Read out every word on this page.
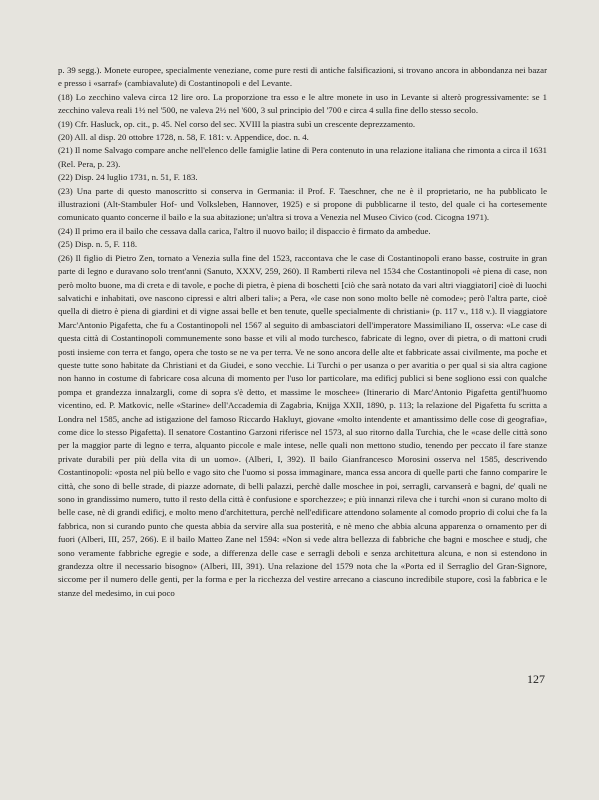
p. 39 segg.). Monete europee, specialmente veneziane, come pure resti di antiche falsificazioni, si trovano ancora in abbondanza nei bazar e presso i «sarraf» (cambiavalute) di Costantinopoli e del Levante.

(18) Lo zecchino valeva circa 12 lire oro. La proporzione tra esso e le altre monete in uso in Levante si alterò progressivamente: se 1 zecchino valeva reali 1½ nel '500, ne valeva 2½ nel '600, 3 sul principio del '700 e circa 4 sulla fine dello stesso secolo.

(19) Cfr. Hasluck, op. cit., p. 45. Nel corso del sec. XVIII la piastra subì un crescente deprezzamento.

(20) All. al disp. 20 ottobre 1728, n. 58, F. 181: v. Appendice, doc. n. 4.

(21) Il nome Salvago compare anche nell'elenco delle famiglie latine di Pera contenuto in una relazione italiana che rimonta a circa il 1631 (Rel. Pera, p. 23).

(22) Disp. 24 luglio 1731, n. 51, F. 183.

(23) Una parte di questo manoscritto si conserva in Germania: il Prof. F. Taeschner, che ne è il proprietario, ne ha pubblicato le illustrazioni (Alt-Stambuler Hof- und Volksleben, Hannover, 1925) e si propone di pubblicarne il testo, del quale ci ha cortesemente comunicato quanto concerne il bailo e la sua abitazione; un'altra si trova a Venezia nel Museo Civico (cod. Cicogna 1971).

(24) Il primo era il bailo che cessava dalla carica, l'altro il nuovo bailo; il dispaccio è firmato da ambedue.

(25) Disp. n. 5, F. 118.

(26) Il figlio di Pietro Zen, tornato a Venezia sulla fine del 1523, raccontava che le case di Costantinopoli erano basse, costruite in gran parte di legno e duravano solo trent'anni (Sanuto, XXXV, 259, 260). Il Ramberti rileva nel 1534 che Costantinopoli «è piena di case, non però molto buone, ma di creta e di tavole, e poche di pietra, è piena di boschetti [ciò che sarà notato da vari altri viaggiatori] cioè di luochi salvatichi e inhabitati, ove nascono cipressi e altri alberi tali»; a Pera, «le case non sono molto belle nè comode»; però l'altra parte, cioè quella di dietro è piena di giardini et di vigne assai belle et ben tenute, quelle specialmente di christiani» (p. 117 v., 118 v.). Il viaggiatore Marc'Antonio Pigafetta, che fu a Costantinopoli nel 1567 al seguito di ambasciatori dell'imperatore Massimiliano II, osserva: «Le case di questa città di Costantinopoli communemente sono basse et vili al modo turchesco, fabricate di legno, over di pietra, o di mattoni crudi posti insieme con terra et fango, opera che tosto se ne va per terra. Ve ne sono ancora delle alte et fabbricate assai civilmente, ma poche et queste tutte sono habitate da Christiani et da Giudei, e sono vecchie. Li Turchi o per usanza o per avaritia o per qual si sia altra cagione non hanno in costume di fabricare cosa alcuna di momento per l'uso lor particolare, ma edificj publici si bene sogliono essi con qualche pompa et grandezza innalzargli, come di sopra s'è detto, et massime le moschee» (Itinerario di Marc'Antonio Pigafetta gentil'huomo vicentino, ed. P. Matkovic, nelle «Starine» dell'Accademia di Zagabria, Knijga XXII, 1890, p. 113; la relazione del Pigafetta fu scritta a Londra nel 1585, anche ad istigazione del famoso Riccardo Hakluyt, giovane «molto intendente et amantissimo delle cose di geografia», come dice lo stesso Pigafetta). Il senatore Costantino Garzoni riferisce nel 1573, al suo ritorno dalla Turchia, che le «case delle città sono per la maggior parte di legno e terra, alquanto piccole e male intese, nelle quali non mettono studio, tenendo per peccato il fare stanze private durabili per più della vita di un uomo». (Alberi, I, 392). Il bailo Gianfrancesco Morosini osserva nel 1585, descrivendo Costantinopoli: «posta nel più bello e vago sito che l'uomo si possa immaginare, manca essa ancora di quelle parti che fanno comparire le città, che sono di belle strade, di piazze adornate, di belli palazzi, perchè dalle moschee in poi, serragli, carvanserà e bagni, de' quali ne sono in grandissimo numero, tutto il resto della città è confusione e sporchezze»; e più innanzi rileva che i turchi «non si curano molto di belle case, nè di grandi edificj, e molto meno d'architettura, perchè nell'edificare attendono solamente al comodo proprio di colui che fa la fabbrica, non si curando punto che questa abbia da servire alla sua posterità, e nè meno che abbia alcuna apparenza o ornamento per di fuori (Alberi, III, 257, 266). E il bailo Matteo Zane nel 1594: «Non si vede altra bellezza di fabbriche che bagni e moschee e studj, che sono veramente fabbriche egregie e sode, a differenza delle case e serragli deboli e senza architettura alcuna, e non si estendono in grandezza oltre il necessario bisogno» (Alberi, III, 391). Una relazione del 1579 nota che la «Porta ed il Serraglio del Gran-Signore, siccome per il numero delle genti, per la forma e per la ricchezza del vestire arrecano a ciascuno incredibile stupore, così la fabbrica e le stanze del medesimo, in cui poco

127
